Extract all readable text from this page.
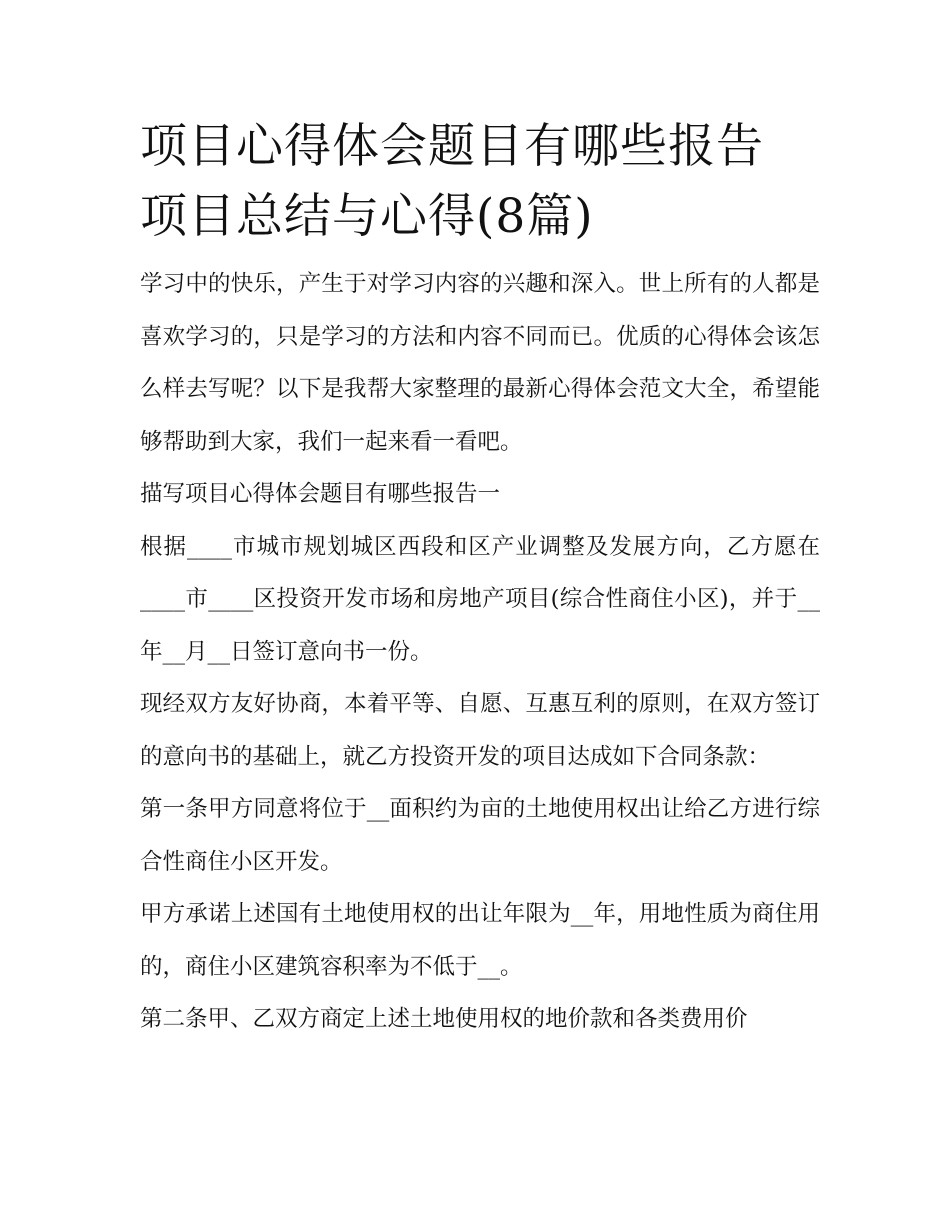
项目心得体会题目有哪些报告
项目总结与心得(8篇)

学习中的快乐，产生于对学习内容的兴趣和深入。世上所有的人都是喜欢学习的，只是学习的方法和内容不同而已。优质的心得体会该怎么样去写呢？以下是我帮大家整理的最新心得体会范文大全，希望能够帮助到大家，我们一起来看一看吧。

描写项目心得体会题目有哪些报告一

根据____市城市规划城区西段和区产业调整及发展方向，乙方愿在____市____区投资开发市场和房地产项目(综合性商住小区)，并于__年__月__日签订意向书一份。

现经双方友好协商，本着平等、自愿、互惠互利的原则，在双方签订的意向书的基础上，就乙方投资开发的项目达成如下合同条款：

第一条甲方同意将位于__面积约为亩的土地使用权出让给乙方进行综合性商住小区开发。

甲方承诺上述国有土地使用权的出让年限为__年，用地性质为商住用的，商住小区建筑容积率为不低于__。

第二条甲、乙双方商定上述土地使用权的地价款和各类费用价
